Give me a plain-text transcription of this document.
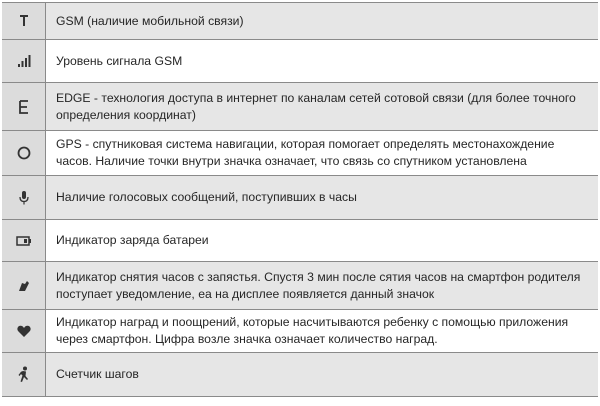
GSM (наличие мобильной связи)
Уровень сигнала GSM
EDGE - технология доступа в интернет по каналам сетей сотовой связи (для более точного определения координат)
GPS - спутниковая система навигации, которая помогает определять местонахождение часов. Наличие точки внутри значка означает, что связь со спутником установлена
Наличие голосовых сообщений, поступивших в часы
Индикатор заряда батареи
Индикатор снятия часов с запястья. Спустя 3 мин после сятия часов на смартфон родителя поступает уведомление, еа на дисплее появляется данный значок
Индикатор наград и поощрений, которые насчитываются ребенку с помощью приложения через смартфон. Цифра возле значка означает количество наград.
Счетчик шагов
